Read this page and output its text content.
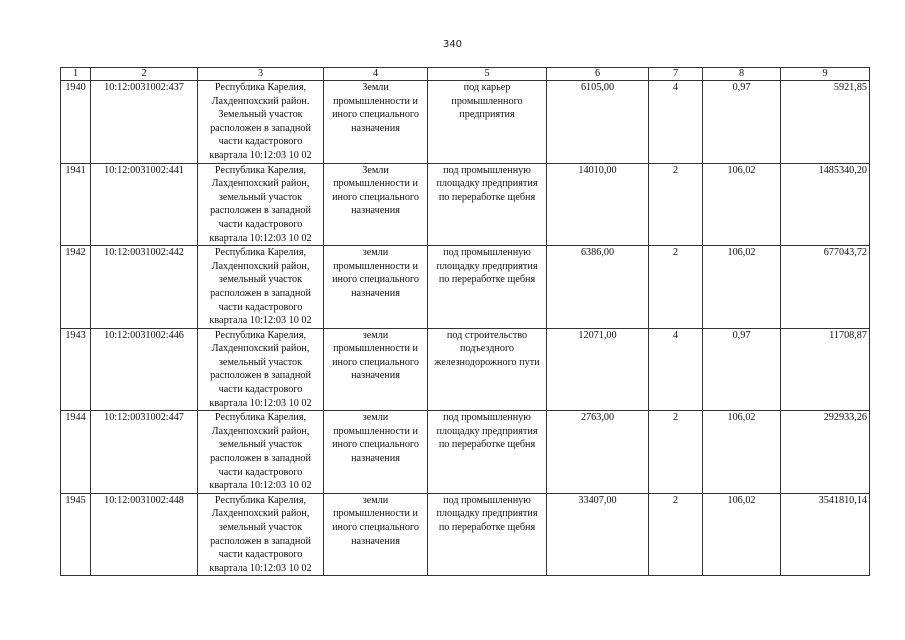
340
1	2	3	4	5	6	7	8	9
1940	10:12:0031002:437	Республика Карелия, Лахденпохский район. Земельный участок расположен в западной части кадастрового квартала 10:12:03 10 02	Земли промышленности и иного специального назначения	под карьер промышленного предприятия	6105,00	4	0,97	5921,85
1941	10:12:0031002:441	Республика Карелия, Лахденпохский район, земельный участок расположен в западной части кадастрового квартала 10:12:03 10 02	Земли промышленности и иного специального назначения	под промышленную площадку предприятия по переработке щебня	14010,00	2	106,02	1485340,20
1942	10:12:0031002:442	Республика Карелия, Лахденпохский район, земельный участок расположен в западной части кадастрового квартала 10:12:03 10 02	земли промышленности и иного специального назначения	под промышленную площадку предприятия по переработке щебня	6386,00	2	106,02	677043,72
1943	10:12:0031002:446	Республика Карелия, Лахденпохский район, земельный участок расположен в западной части кадастрового квартала 10:12:03 10 02	земли промышленности и иного специального назначения	под строительство подъездного железнодорожного пути	12071,00	4	0,97	11708,87
1944	10:12:0031002:447	Республика Карелия, Лахденпохский район, земельный участок расположен в западной части кадастрового квартала 10:12:03 10 02	земли промышленности и иного специального назначения	под промышленную площадку предприятия по переработке щебня	2763,00	2	106,02	292933,26
1945	10:12:0031002:448	Республика Карелия, Лахденпохский район, земельный участок расположен в западной части кадастрового квартала 10:12:03 10 02	земли промышленности и иного специального назначения	под промышленную площадку предприятия по переработке щебня	33407,00	2	106,02	3541810,14
